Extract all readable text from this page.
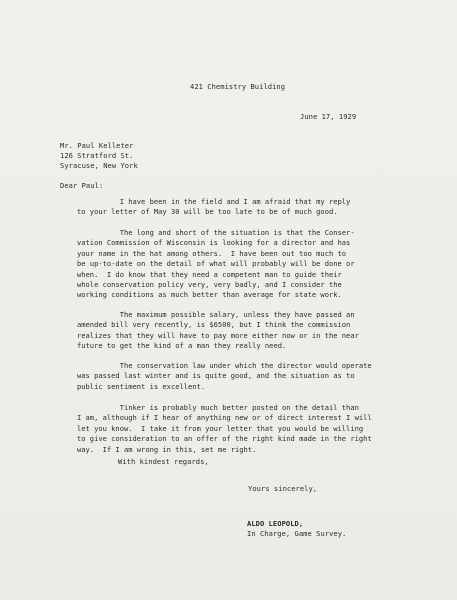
421 Chemistry Building
June 17, 1929
Mr. Paul Kelleter
126 Stratford St.
Syracuse, New York
Dear Paul:
I have been in the field and I am afraid that my reply
to your letter of May 30 will be too late to be of much good.
The long and short of the situation is that the Conser-
vation Commission of Wisconsin is looking for a director and has
your name in the hat among others.  I have been out too much to
be up-to-date on the detail of what will probably will be done or
when.  I do know that they need a competent man to guide their
whole conservation policy very, very badly, and I consider the
working conditions as much better than average for state work.
The maximum possible salary, unless they have passed an
amended bill very recently, is $6500, but I think the commission
realizes that they will have to pay more either now or in the near
future to get the kind of a man they really need.
The conservation law under which the director would operate
was passed last winter and is quite good, and the situation as to
public sentiment is excellent.
Tinker is probably much better posted on the detail than
I am, although if I hear of anything new or of direct interest I will
let you know.  I take it from your letter that you would be willing
to give consideration to an offer of the right kind made in the right
way.  If I am wrong in this, set me right.
With kindest regards,
Yours sincerely,
ALDO LEOPOLD,
In Charge, Game Survey.
